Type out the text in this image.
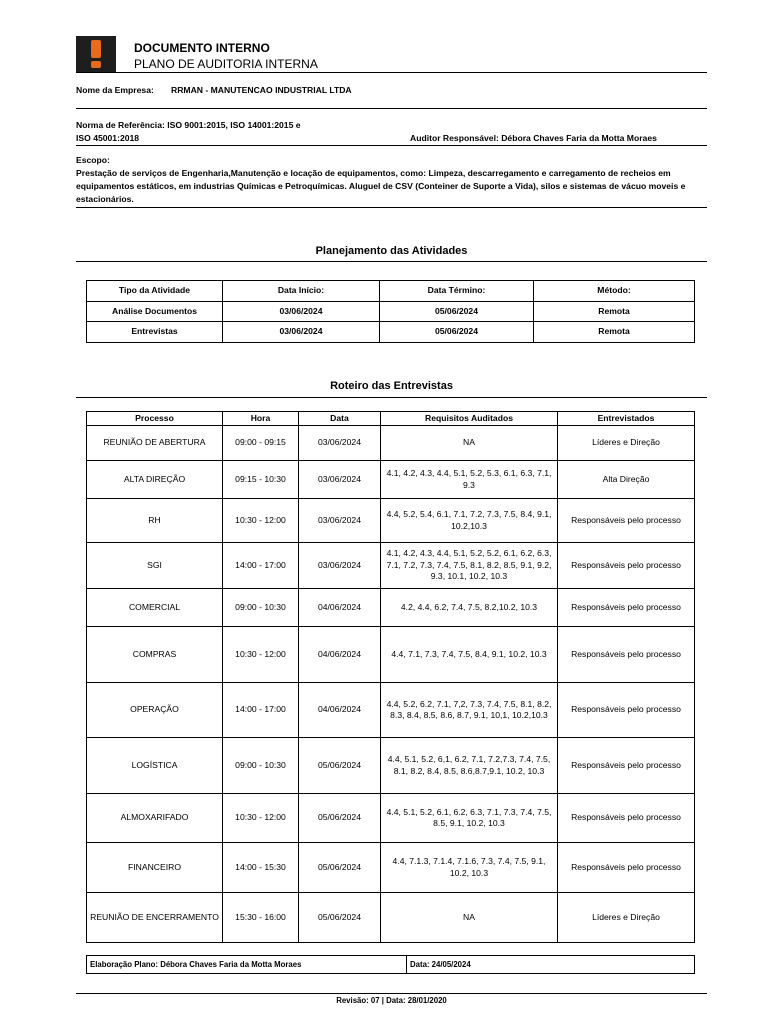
DOCUMENTO INTERNO
PLANO DE AUDITORIA INTERNA
Nome da Empresa: RRMAN - MANUTENCAO INDUSTRIAL LTDA
Norma de Referência: ISO 9001:2015, ISO 14001:2015 e
ISO 45001:2018	Auditor Responsável: Débora Chaves Faria da Motta Moraes
Escopo:
Prestação de serviços de Engenharia,Manutenção e locação de equipamentos, como: Limpeza, descarregamento e carregamento de recheios em equipamentos estáticos, em industrias Químicas e Petroquímicas. Aluguel de CSV (Conteiner de Suporte a Vida), silos e sistemas de vácuo moveis e estacionários.
Planejamento das Atividades
Tipo da Atividade	Data Início:	Data Término:	Método:
Análise Documentos	03/06/2024	05/06/2024	Remota
Entrevistas	03/06/2024	05/06/2024	Remota
Roteiro das Entrevistas
Processo	Hora	Data	Requisitos Auditados	Entrevistados
REUNIÃO DE ABERTURA	09:00 - 09:15	03/06/2024	NA	Líderes e Direção
ALTA DIREÇÃO	09:15 - 10:30	03/06/2024	4.1, 4.2, 4.3, 4.4, 5.1, 5.2, 5.3, 6.1, 6.3, 7.1, 9.3	Alta Direção
RH	10:30 - 12:00	03/06/2024	4.4, 5.2, 5.4, 6.1, 7.1, 7.2, 7.3, 7.5, 8.4, 9.1, 10.2,10.3	Responsáveis pelo processo
SGI	14:00 - 17:00	03/06/2024	4.1, 4.2, 4.3, 4.4, 5.1, 5.2, 5.2, 6.1, 6.2, 6.3, 7.1, 7.2, 7.3, 7.4, 7.5, 8.1, 8.2, 8.5, 9.1, 9.2, 9.3, 10.1, 10.2, 10.3	Responsáveis pelo processo
COMERCIAL	09:00 - 10:30	04/06/2024	4.2, 4.4, 6.2, 7.4, 7.5, 8.2,10.2, 10.3	Responsáveis pelo processo
COMPRAS	10:30 - 12:00	04/06/2024	4.4, 7.1, 7.3, 7.4, 7.5, 8.4, 9.1, 10.2, 10.3	Responsáveis pelo processo
OPERAÇÃO	14:00 - 17:00	04/06/2024	4.4, 5.2, 6.2, 7.1, 7,2, 7.3, 7.4, 7.5, 8.1, 8.2, 8.3, 8.4, 8.5, 8.6, 8.7, 9.1, 10,1, 10.2,10.3	Responsáveis pelo processo
LOGÍSTICA	09:00 - 10:30	05/06/2024	4.4, 5.1, 5.2, 6,1, 6.2, 7.1, 7.2,7.3, 7.4, 7.5, 8.1, 8.2, 8.4, 8.5, 8.6,8.7,9.1, 10.2, 10.3	Responsáveis pelo processo
ALMOXARIFADO	10:30 - 12:00	05/06/2024	4.4, 5.1, 5.2, 6.1, 6.2, 6.3, 7.1, 7.3, 7.4, 7.5, 8.5, 9.1, 10.2, 10.3	Responsáveis pelo processo
FINANCEIRO	14:00 - 15:30	05/06/2024	4.4, 7.1.3, 7.1.4, 7.1.6, 7.3, 7.4, 7.5, 9.1, 10.2, 10.3	Responsáveis pelo processo
REUNIÃO DE ENCERRAMENTO	15:30 - 16:00	05/06/2024	NA	Líderes e Direção
Elaboração Plano: Débora Chaves Faria da Motta Moraes	Data: 24/05/2024
Revisão: 07 | Data: 28/01/2020
